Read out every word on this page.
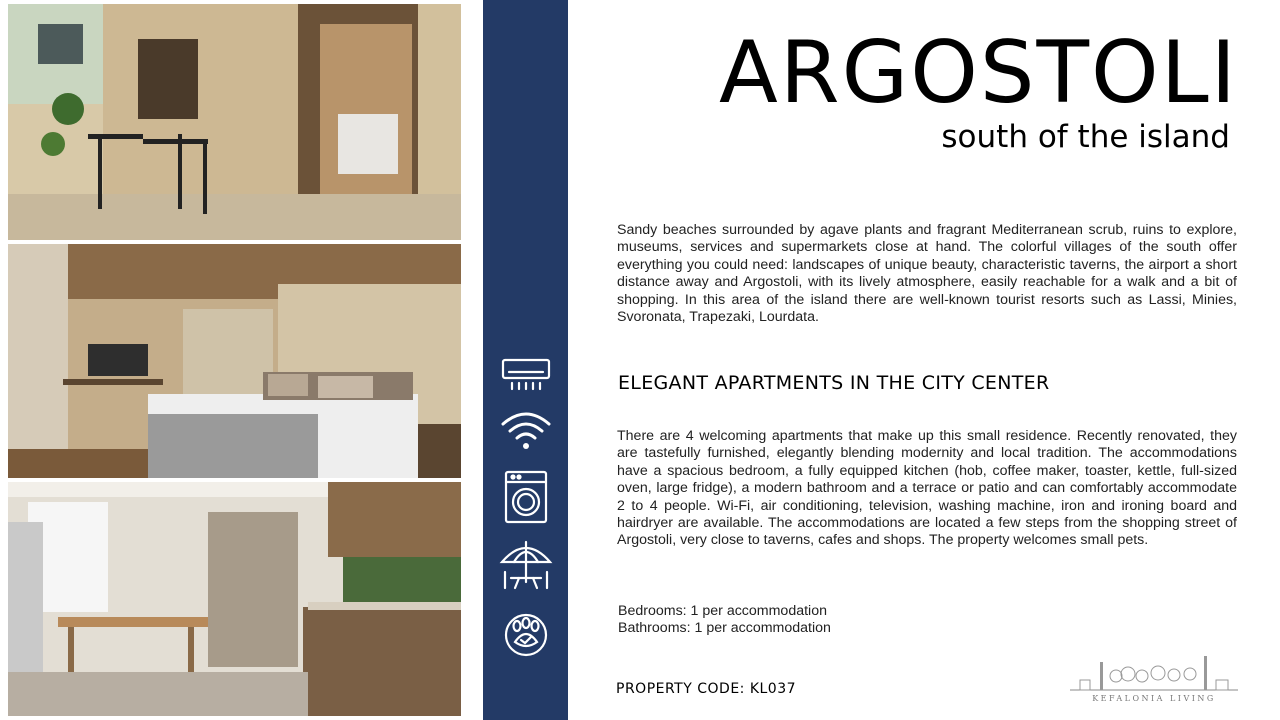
ARGOSTOLI
south of the island

Sandy beaches surrounded by agave plants and fragrant Mediterranean scrub, ruins to explore, museums, services and supermarkets close at hand. The colorful villages of the south offer everything you could need: landscapes of unique beauty, characteristic taverns, the airport a short distance away and Argostoli, with its lively atmosphere, easily reachable for a walk and a bit of shopping. In this area of the island there are well-known tourist resorts such as Lassi, Minies, Svoronata, Trapezaki, Lourdata.

ELEGANT APARTMENTS IN THE CITY CENTER

There are 4 welcoming apartments that make up this small residence. Recently renovated, they are tastefully furnished, elegantly blending modernity and local tradition. The accommodations have a spacious bedroom, a fully equipped kitchen (hob, coffee maker, toaster, kettle, full-sized oven, large fridge), a modern bathroom and a terrace or patio and can comfortably accommodate 2 to 4 people. Wi-Fi, air conditioning, television, washing machine, iron and ironing board and hairdryer are available. The accommodations are located a few steps from the shopping street of Argostoli, very close to taverns, cafes and shops. The property welcomes small pets.

Bedrooms: 1 per accommodation
Bathrooms: 1 per accommodation
PROPERTY CODE: KL037
KEFALONIA LIVING
